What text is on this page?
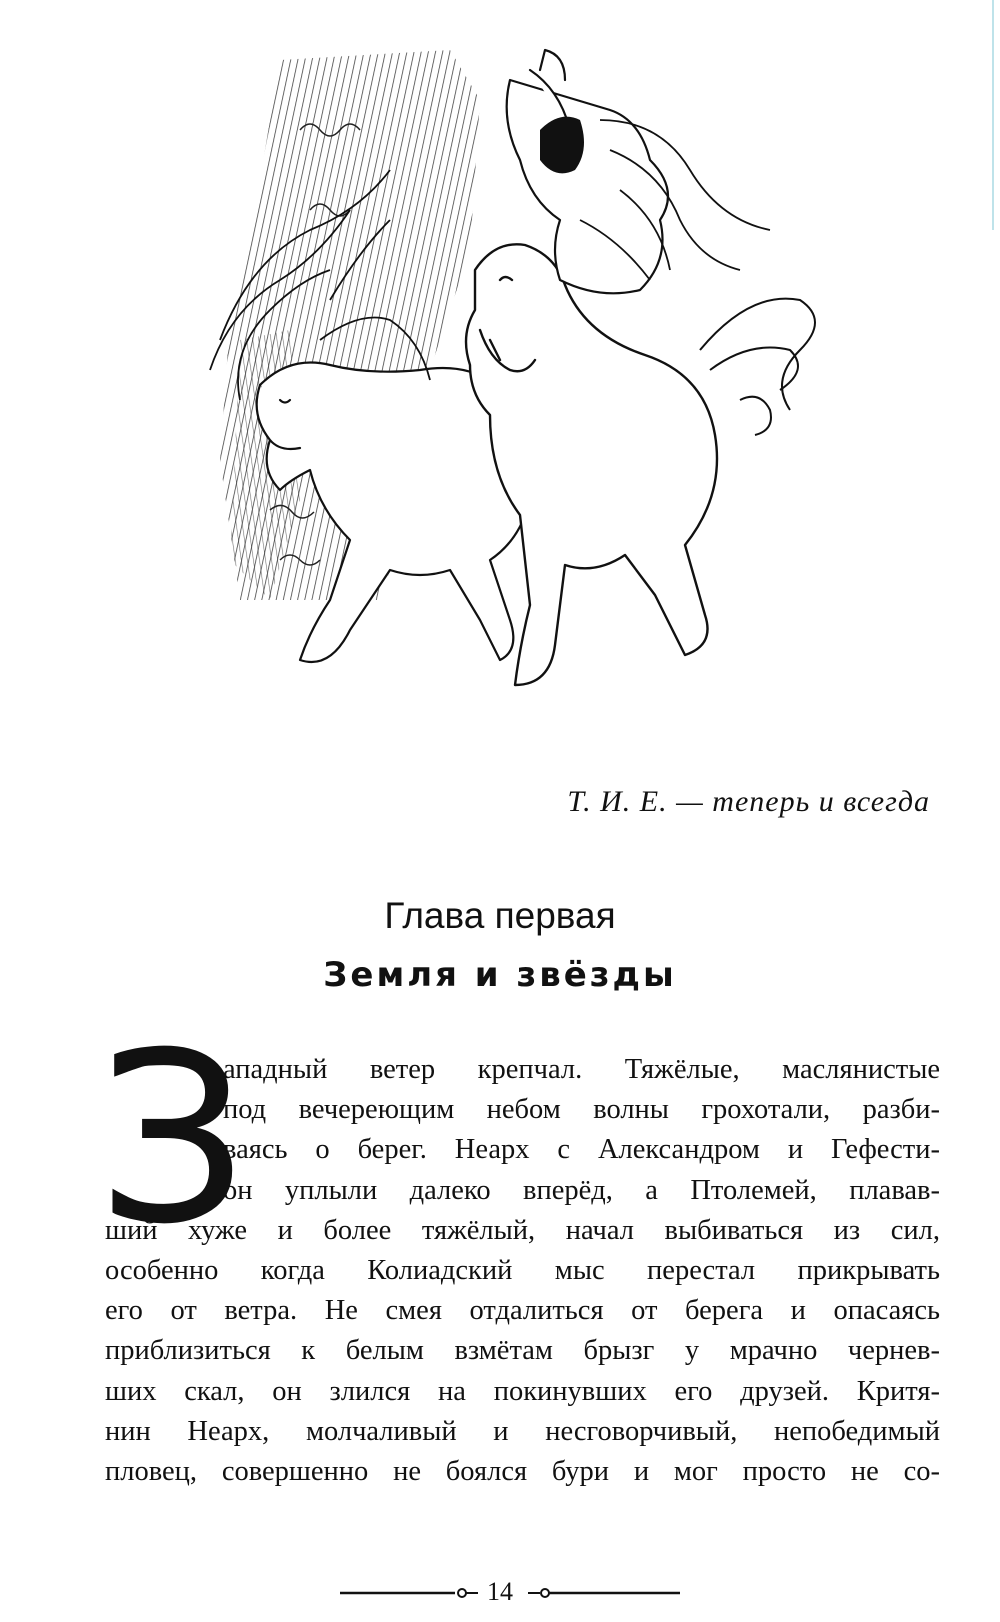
Т. И. Е. — теперь и всегда
Глава первая
Земля и звёзды
З
ападный ветер крепчал. Тяжёлые, маслянистые
под вечереющим небом волны грохотали, разби-
ваясь о берег. Неарх с Александром и Гефести-
он уплыли далеко вперёд, а Птолемей, плавав-
ший хуже и более тяжёлый, начал выбиваться из сил,
особенно когда Колиадский мыс перестал прикрывать
его от ветра. Не смея отдалиться от берега и опасаясь
приблизиться к белым взмётам брызг у мрачно чернев-
ших скал, он злился на покинувших его друзей. Критя-
нин Неарх, молчаливый и несговорчивый, непобедимый
пловец, совершенно не боялся бури и мог просто не со-
14
